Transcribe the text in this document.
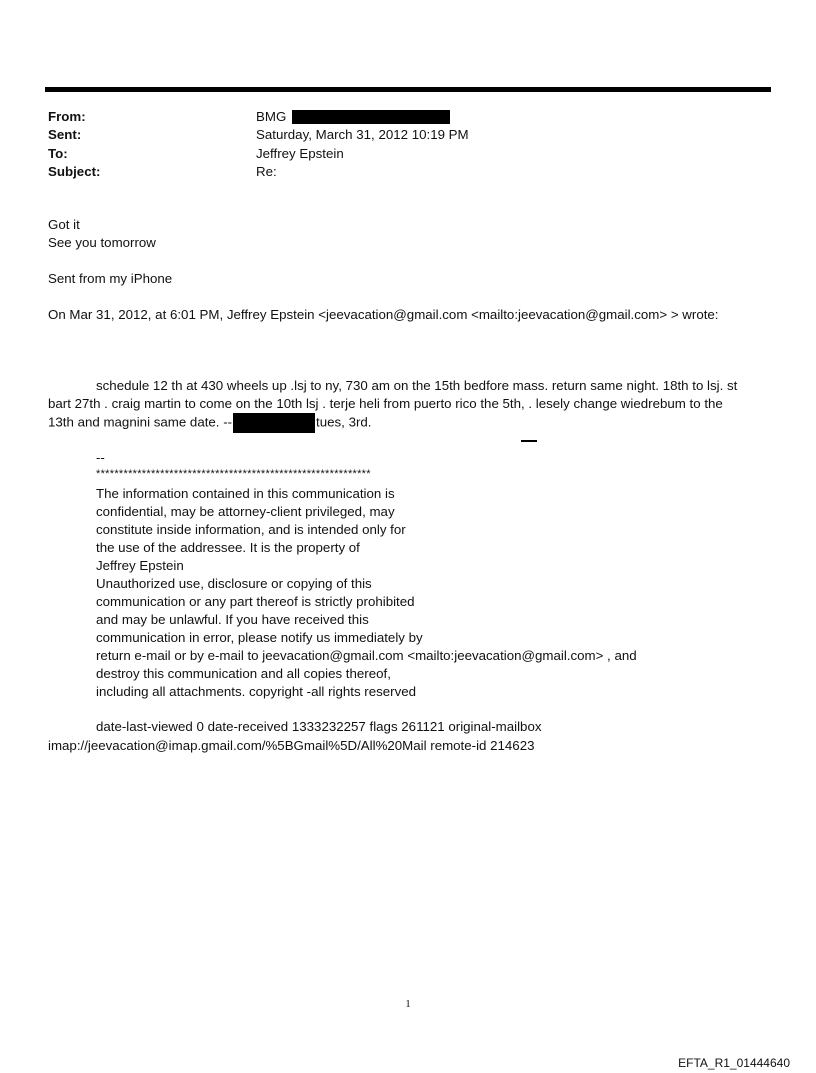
From:	BMG
Sent:	Saturday, March 31, 2012 10:19 PM
To:	Jeffrey Epstein
Subject:	Re:
Got it
See you tomorrow
Sent from my iPhone
On Mar 31, 2012, at 6:01 PM, Jeffrey Epstein <jeevacation@gmail.com <mailto:jeevacation@gmail.com> > wrote:
schedule 12 th at 430 wheels up .lsj to ny, 730 am on the 15th bedfore mass. return same night. 18th to lsj. st
bart 27th . craig martin to come on the 10th lsj . terje heli from puerto rico the 5th, . lesely change wiedrebum to the
13th and magnini same date. --	tues, 3rd.
--
************************************************************
The information contained in this communication is
confidential, may be attorney-client privileged, may
constitute inside information, and is intended only for
the use of the addressee. It is the property of
Jeffrey Epstein
Unauthorized use, disclosure or copying of this
communication or any part thereof is strictly prohibited
and may be unlawful. If you have received this
communication in error, please notify us immediately by
return e-mail or by e-mail to jeevacation@gmail.com <mailto:jeevacation@gmail.com> , and
destroy this communication and all copies thereof,
including all attachments. copyright -all rights reserved
date-last-viewed 0 date-received 1333232257 flags 261121 original-mailbox
imap://jeevacation@imap.gmail.com/%5BGmail%5D/All%20Mail remote-id 214623
1
EFTA_R1_01444640
